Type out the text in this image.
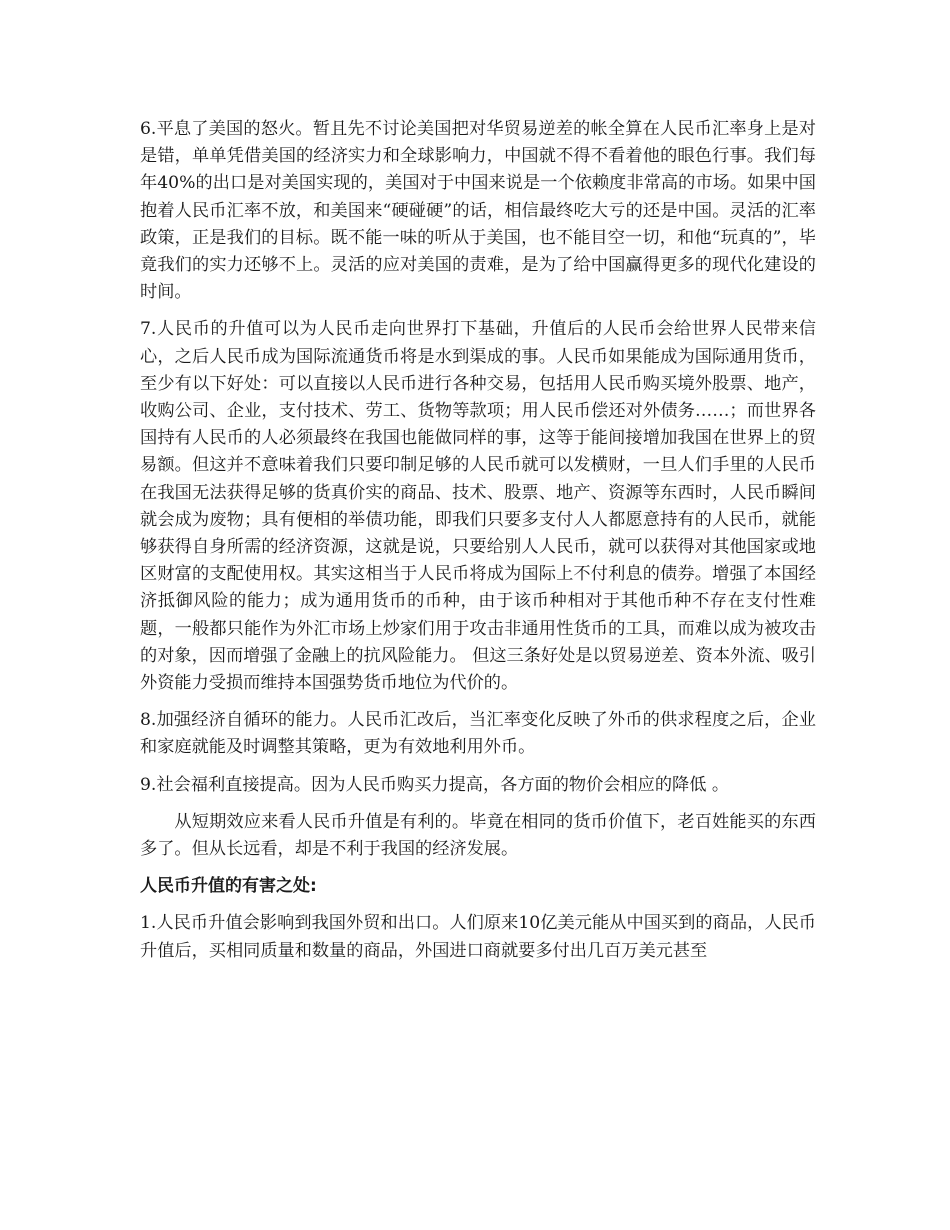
6.平息了美国的怒火。暂且先不讨论美国把对华贸易逆差的帐全算在人民币汇率身上是对是错，单单凭借美国的经济实力和全球影响力，中国就不得不看着他的眼色行事。我们每年40%的出口是对美国实现的，美国对于中国来说是一个依赖度非常高的市场。如果中国抱着人民币汇率不放，和美国来“硬碰硬”的话，相信最终吃大亏的还是中国。灵活的汇率政策，正是我们的目标。既不能一味的听从于美国，也不能目空一切，和他“玩真的”，毕竟我们的实力还够不上。灵活的应对美国的责难，是为了给中国赢得更多的现代化建设的时间。

7.人民币的升值可以为人民币走向世界打下基础，升值后的人民币会给世界人民带来信心，之后人民币成为国际流通货币将是水到渠成的事。人民币如果能成为国际通用货币，至少有以下好处：可以直接以人民币进行各种交易，包括用人民币购买境外股票、地产，收购公司、企业，支付技术、劳工、货物等款项；用人民币偿还对外债务……；而世界各国持有人民币的人必须最终在我国也能做同样的事，这等于能间接增加我国在世界上的贸易额。但这并不意味着我们只要印制足够的人民币就可以发横财，一旦人们手里的人民币在我国无法获得足够的货真价实的商品、技术、股票、地产、资源等东西时，人民币瞬间就会成为废物；具有便相的举债功能，即我们只要多支付人人都愿意持有的人民币，就能够获得自身所需的经济资源，这就是说，只要给别人人民币，就可以获得对其他国家或地区财富的支配使用权。其实这相当于人民币将成为国际上不付利息的债券。增强了本国经济抵御风险的能力；成为通用货币的币种，由于该币种相对于其他币种不存在支付性难题，一般都只能作为外汇市场上炒家们用于攻击非通用性货币的工具，而难以成为被攻击的对象，因而增强了金融上的抗风险能力。 但这三条好处是以贸易逆差、资本外流、吸引外资能力受损而维持本国强势货币地位为代价的。

8.加强经济自循环的能力。人民币汇改后，当汇率变化反映了外币的供求程度之后，企业和家庭就能及时调整其策略，更为有效地利用外币。

9.社会福利直接提高。因为人民币购买力提高，各方面的物价会相应的降低 。

从短期效应来看人民币升值是有利的。毕竟在相同的货币价值下，老百姓能买的东西多了。但从长远看，却是不利于我国的经济发展。

人民币升值的有害之处:

1.人民币升值会影响到我国外贸和出口。人们原来10亿美元能从中国买到的商品，人民币升值后，买相同质量和数量的商品，外国进口商就要多付出几百万美元甚至
